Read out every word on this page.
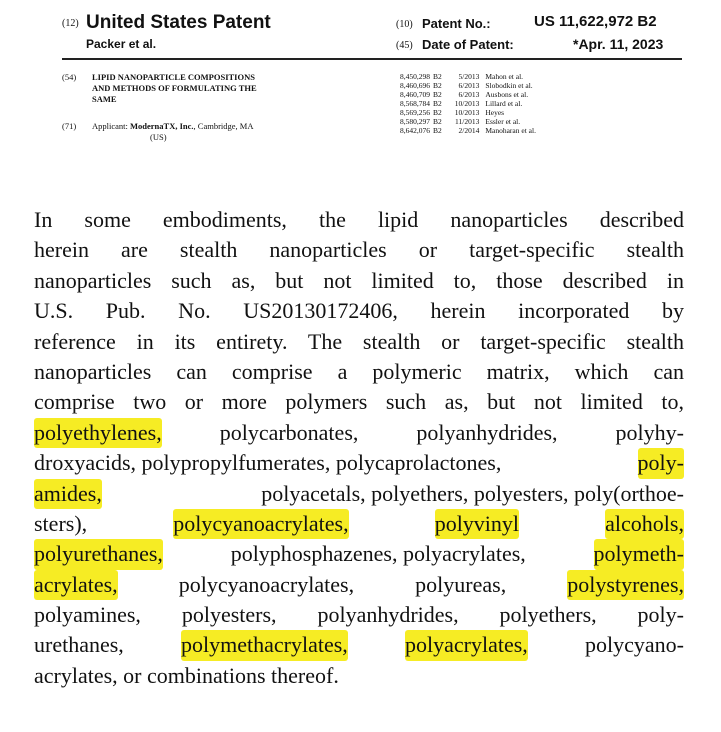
(12) United States Patent
Packer et al.
(10) Patent No.:	US 11,622,972 B2
(45) Date of Patent:	*Apr. 11, 2023
(54) LIPID NANOPARTICLE COMPOSITIONS
AND METHODS OF FORMULATING THE
SAME
(71) Applicant: ModernaTX, Inc., Cambridge, MA
(US)
8,450,298	B2	5/2013	Mahon et al.
8,460,696	B2	6/2013	Slobodkin et al.
8,460,709	B2	6/2013	Ausbons et al.
8,568,784	B2	10/2013	Lillard et al.
8,569,256	B2	10/2013	Heyes
8,580,297	B2	11/2013	Essler et al.
8,642,076	B2	2/2014	Manoharan et al.
In some embodiments, the lipid nanoparticles described
herein are stealth nanoparticles or target-specific stealth
nanoparticles such as, but not limited to, those described in
U.S. Pub. No. US20130172406, herein incorporated by
reference in its entirety. The stealth or target-specific stealth
nanoparticles can comprise a polymeric matrix, which can
comprise two or more polymers such as, but not limited to,
polyethylenes,	polycarbonates,	polyanhydrides,	polyhy-
droxyacids, polypropylfumerates, polycaprolactones,	poly-
amides,	polyacetals, polyethers, polyesters, poly(orthoe-
sters),	polycyanoacrylates,	polyvinyl	alcohols,
polyurethanes,	polyphosphazenes, polyacrylates,	polymeth-
acrylates,	polycyanoacrylates,	polyureas,	polystyrenes,
polyamines, polyesters, polyanhydrides, polyethers, poly-
urethanes,	polymethacrylates,	polyacrylates,	polycyano-
acrylates, or combinations thereof.
